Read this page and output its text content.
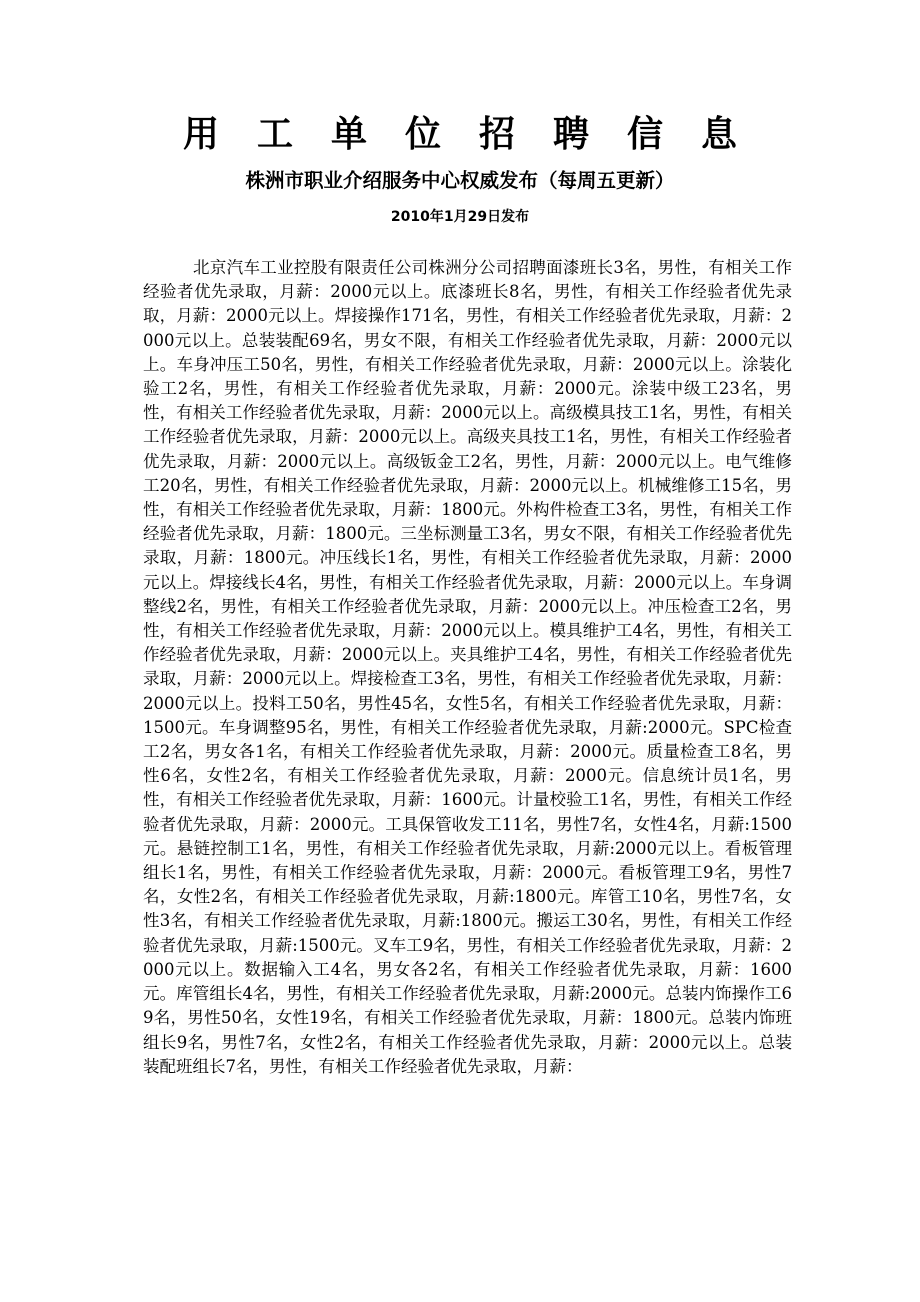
用工单位招聘信息
株洲市职业介绍服务中心权威发布（每周五更新）
2010年1月29日发布
北京汽车工业控股有限责任公司株洲分公司招聘面漆班长3名，男性，有相关工作经验者优先录取，月薪：2000元以上。底漆班长8名，男性，有相关工作经验者优先录取，月薪：2000元以上。焊接操作171名，男性，有相关工作经验者优先录取，月薪：2000元以上。总装装配69名，男女不限，有相关工作经验者优先录取，月薪：2000元以上。车身冲压工50名，男性，有相关工作经验者优先录取，月薪：2000元以上。涂装化验工2名，男性，有相关工作经验者优先录取，月薪：2000元。涂装中级工23名，男性，有相关工作经验者优先录取，月薪：2000元以上。高级模具技工1名，男性，有相关工作经验者优先录取，月薪：2000元以上。高级夹具技工1名，男性，有相关工作经验者优先录取，月薪：2000元以上。高级钣金工2名，男性，月薪：2000元以上。电气维修工20名，男性，有相关工作经验者优先录取，月薪：2000元以上。机械维修工15名，男性，有相关工作经验者优先录取，月薪：1800元。外构件检查工3名，男性，有相关工作经验者优先录取，月薪：1800元。三坐标测量工3名，男女不限，有相关工作经验者优先录取，月薪：1800元。冲压线长1名，男性，有相关工作经验者优先录取，月薪：2000元以上。焊接线长4名，男性，有相关工作经验者优先录取，月薪：2000元以上。车身调整线2名，男性，有相关工作经验者优先录取，月薪：2000元以上。冲压检查工2名，男性，有相关工作经验者优先录取，月薪：2000元以上。模具维护工4名，男性，有相关工作经验者优先录取，月薪：2000元以上。夹具维护工4名，男性，有相关工作经验者优先录取，月薪：2000元以上。焊接检查工3名，男性，有相关工作经验者优先录取，月薪：2000元以上。投料工50名，男性45名，女性5名，有相关工作经验者优先录取，月薪：1500元。车身调整95名，男性，有相关工作经验者优先录取，月薪:2000元。SPC检查工2名，男女各1名，有相关工作经验者优先录取，月薪：2000元。质量检查工8名，男性6名，女性2名，有相关工作经验者优先录取，月薪：2000元。信息统计员1名，男性，有相关工作经验者优先录取，月薪：1600元。计量校验工1名，男性，有相关工作经验者优先录取，月薪：2000元。工具保管收发工11名，男性7名，女性4名，月薪:1500元。悬链控制工1名，男性，有相关工作经验者优先录取，月薪:2000元以上。看板管理组长1名，男性，有相关工作经验者优先录取，月薪：2000元。看板管理工9名，男性7名，女性2名，有相关工作经验者优先录取，月薪:1800元。库管工10名，男性7名，女性3名，有相关工作经验者优先录取，月薪:1800元。搬运工30名，男性，有相关工作经验者优先录取，月薪:1500元。叉车工9名，男性，有相关工作经验者优先录取，月薪：2000元以上。数据输入工4名，男女各2名，有相关工作经验者优先录取，月薪：1600元。库管组长4名，男性，有相关工作经验者优先录取，月薪:2000元。总装内饰操作工69名，男性50名，女性19名，有相关工作经验者优先录取，月薪：1800元。总装内饰班组长9名，男性7名，女性2名，有相关工作经验者优先录取，月薪：2000元以上。总装装配班组长7名，男性，有相关工作经验者优先录取，月薪：
